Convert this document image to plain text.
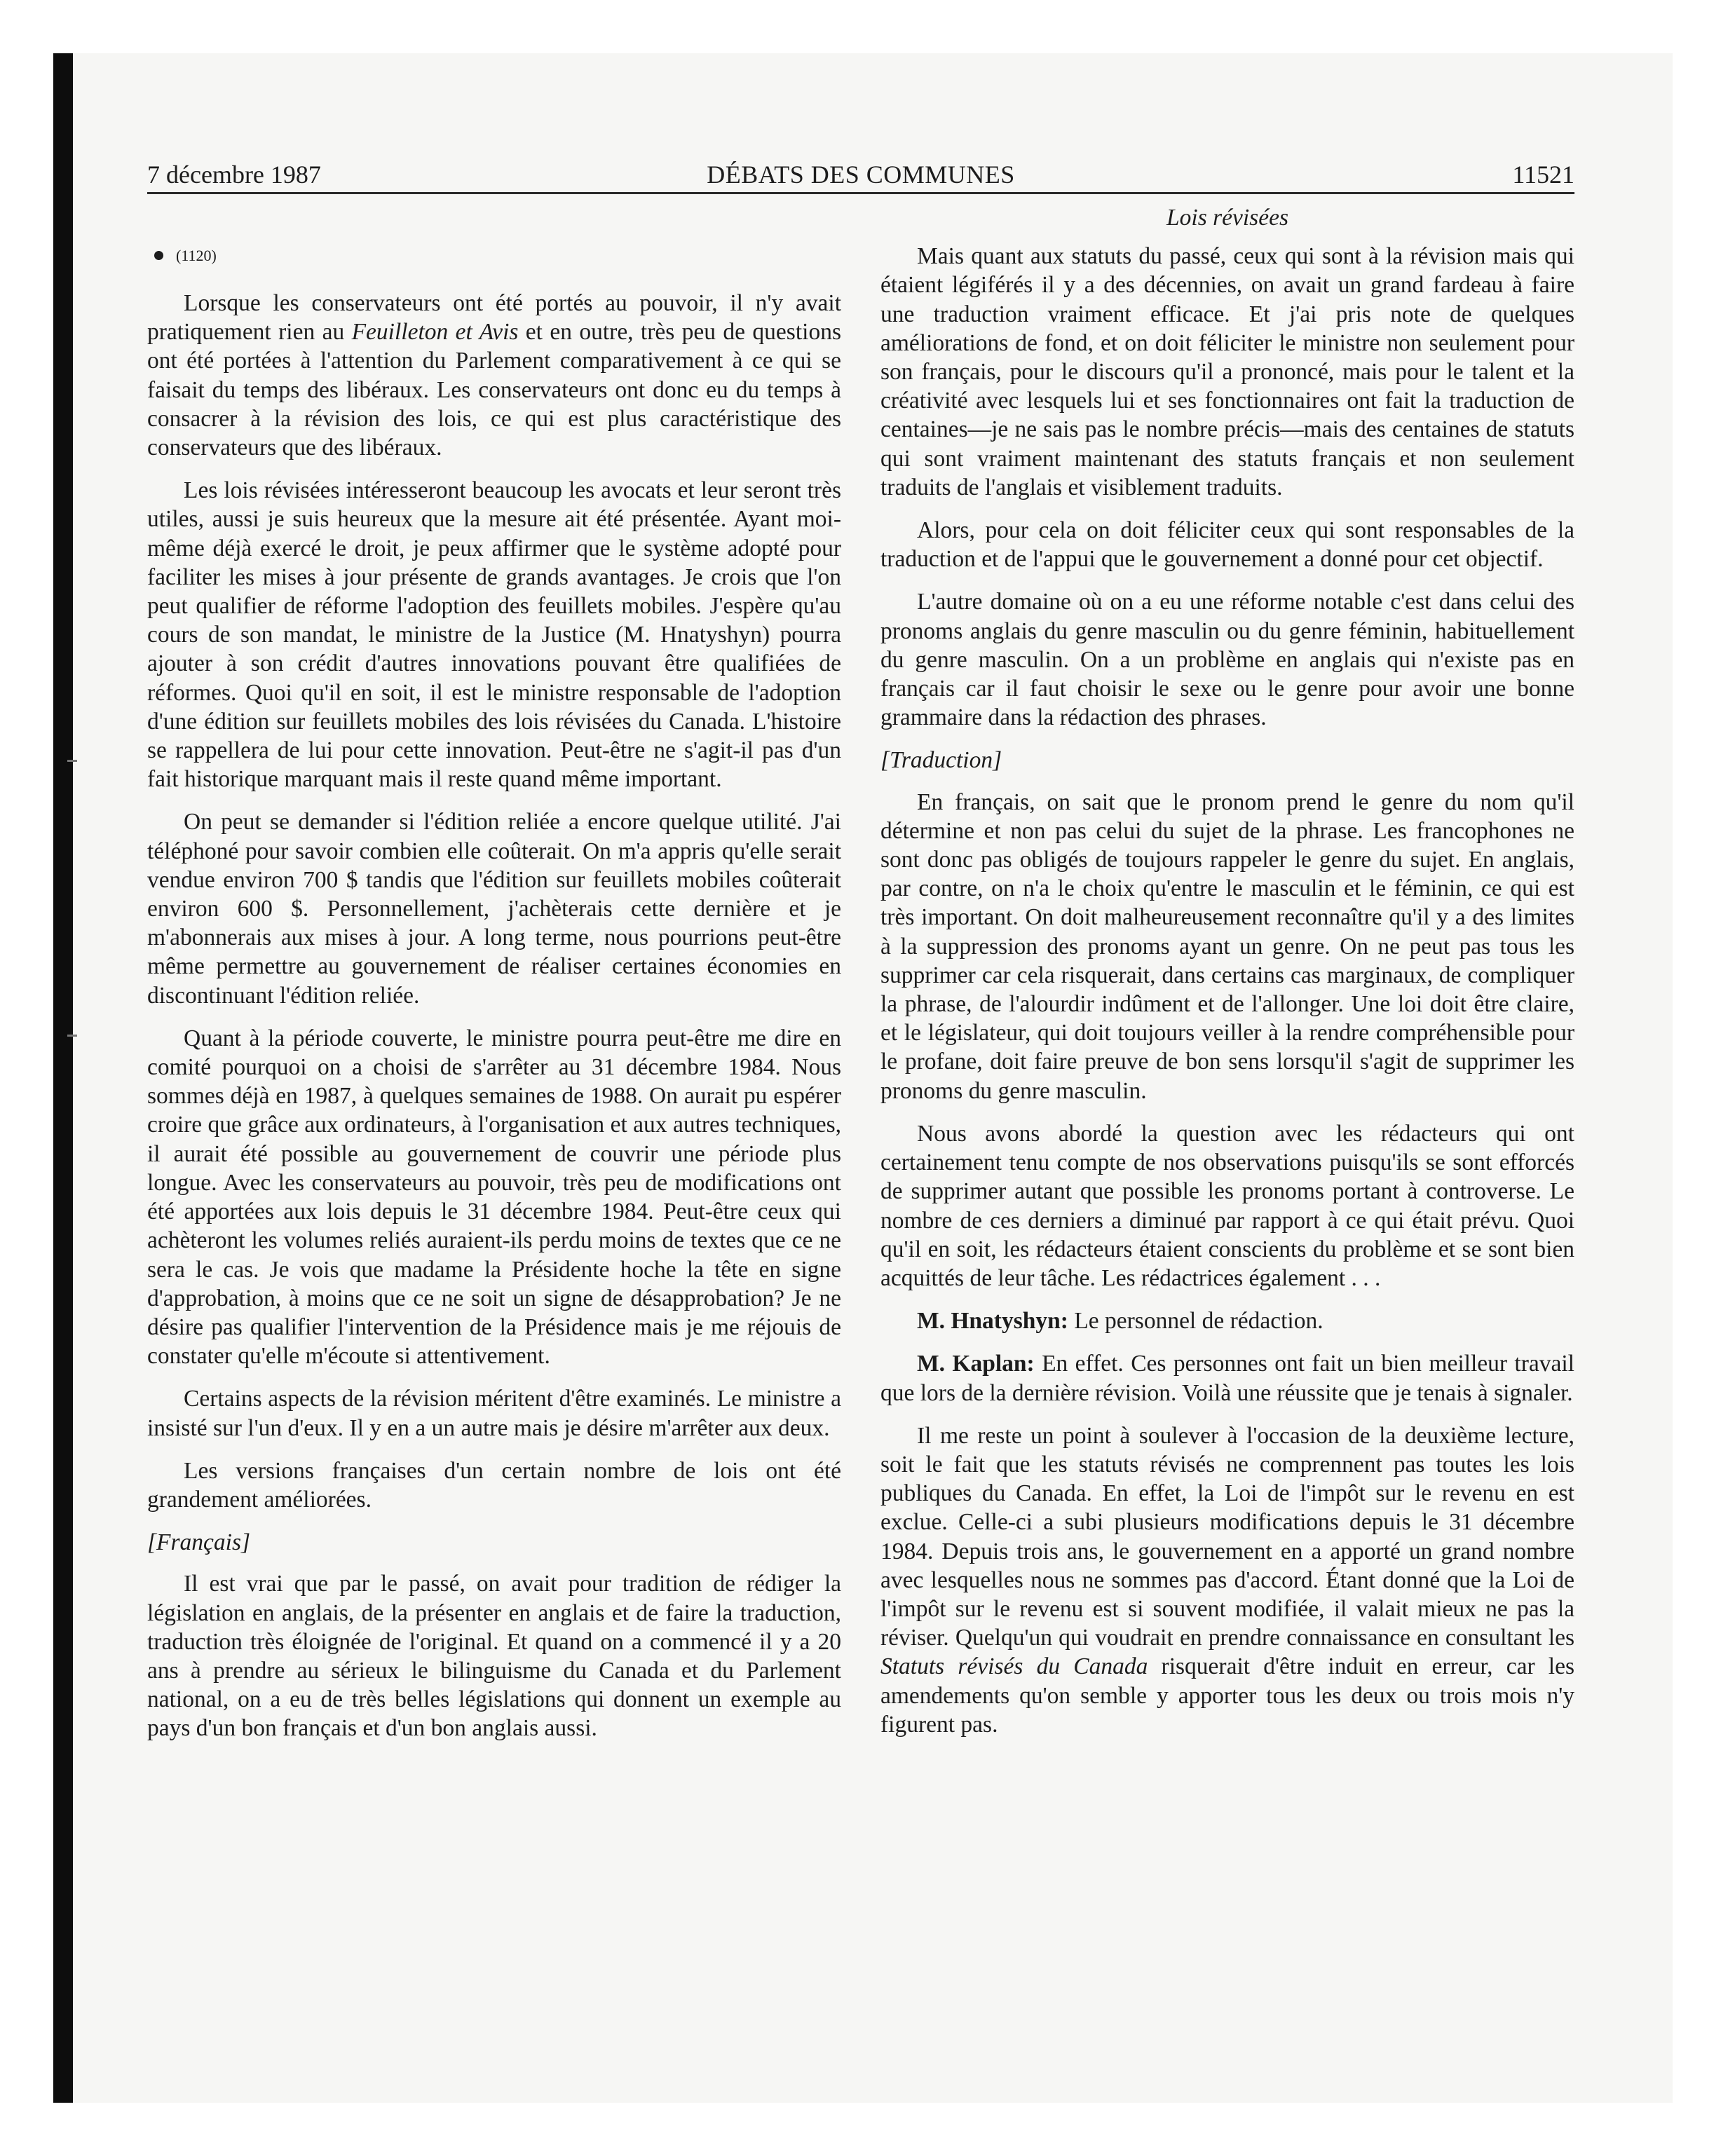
7 décembre 1987	DÉBATS DES COMMUNES	11521
(1120)

Lorsque les conservateurs ont été portés au pouvoir, il n'y avait pratiquement rien au Feuilleton et Avis et en outre, très peu de questions ont été portées à l'attention du Parlement comparativement à ce qui se faisait du temps des libéraux. Les conservateurs ont donc eu du temps à consacrer à la révision des lois, ce qui est plus caractéristique des conservateurs que des libéraux.

Les lois révisées intéresseront beaucoup les avocats et leur seront très utiles, aussi je suis heureux que la mesure ait été présentée. Ayant moi-même déjà exercé le droit, je peux affirmer que le système adopté pour faciliter les mises à jour présente de grands avantages. Je crois que l'on peut qualifier de réforme l'adoption des feuillets mobiles. J'espère qu'au cours de son mandat, le ministre de la Justice (M. Hnatyshyn) pourra ajouter à son crédit d'autres innovations pouvant être qualifiées de réformes. Quoi qu'il en soit, il est le ministre responsable de l'adoption d'une édition sur feuillets mobiles des lois révisées du Canada. L'histoire se rappellera de lui pour cette innovation. Peut-être ne s'agit-il pas d'un fait historique marquant mais il reste quand même important.

On peut se demander si l'édition reliée a encore quelque utilité. J'ai téléphoné pour savoir combien elle coûterait. On m'a appris qu'elle serait vendue environ 700 $ tandis que l'édition sur feuillets mobiles coûterait environ 600 $. Personnellement, j'achèterais cette dernière et je m'abonnerais aux mises à jour. A long terme, nous pourrions peut-être même permettre au gouvernement de réaliser certaines économies en discontinuant l'édition reliée.

Quant à la période couverte, le ministre pourra peut-être me dire en comité pourquoi on a choisi de s'arrêter au 31 décembre 1984. Nous sommes déjà en 1987, à quelques semaines de 1988. On aurait pu espérer croire que grâce aux ordinateurs, à l'organisation et aux autres techniques, il aurait été possible au gouvernement de couvrir une période plus longue. Avec les conservateurs au pouvoir, très peu de modifications ont été apportées aux lois depuis le 31 décembre 1984. Peut-être ceux qui achèteront les volumes reliés auraient-ils perdu moins de textes que ce ne sera le cas. Je vois que madame la Présidente hoche la tête en signe d'approbation, à moins que ce ne soit un signe de désapprobation? Je ne désire pas qualifier l'intervention de la Présidence mais je me réjouis de constater qu'elle m'écoute si attentivement.

Certains aspects de la révision méritent d'être examinés. Le ministre a insisté sur l'un d'eux. Il y en a un autre mais je désire m'arrêter aux deux.

Les versions françaises d'un certain nombre de lois ont été grandement améliorées.

[Français]

Il est vrai que par le passé, on avait pour tradition de rédiger la législation en anglais, de la présenter en anglais et de faire la traduction, traduction très éloignée de l'original. Et quand on a commencé il y a 20 ans à prendre au sérieux le bilinguisme du Canada et du Parlement national, on a eu de très belles législations qui donnent un exemple au pays d'un bon français et d'un bon anglais aussi.

Lois révisées

Mais quant aux statuts du passé, ceux qui sont à la révision mais qui étaient légiférés il y a des décennies, on avait un grand fardeau à faire une traduction vraiment efficace. Et j'ai pris note de quelques améliorations de fond, et on doit féliciter le ministre non seulement pour son français, pour le discours qu'il a prononcé, mais pour le talent et la créativité avec lesquels lui et ses fonctionnaires ont fait la traduction de centaines—je ne sais pas le nombre précis—mais des centaines de statuts qui sont vraiment maintenant des statuts français et non seulement traduits de l'anglais et visiblement traduits.

Alors, pour cela on doit féliciter ceux qui sont responsables de la traduction et de l'appui que le gouvernement a donné pour cet objectif.

L'autre domaine où on a eu une réforme notable c'est dans celui des pronoms anglais du genre masculin ou du genre féminin, habituellement du genre masculin. On a un problème en anglais qui n'existe pas en français car il faut choisir le sexe ou le genre pour avoir une bonne grammaire dans la rédaction des phrases.

[Traduction]

En français, on sait que le pronom prend le genre du nom qu'il détermine et non pas celui du sujet de la phrase. Les francophones ne sont donc pas obligés de toujours rappeler le genre du sujet. En anglais, par contre, on n'a le choix qu'entre le masculin et le féminin, ce qui est très important. On doit malheureusement reconnaître qu'il y a des limites à la suppression des pronoms ayant un genre. On ne peut pas tous les supprimer car cela risquerait, dans certains cas marginaux, de compliquer la phrase, de l'alourdir indûment et de l'allonger. Une loi doit être claire, et le législateur, qui doit toujours veiller à la rendre compréhensible pour le profane, doit faire preuve de bon sens lorsqu'il s'agit de supprimer les pronoms du genre masculin.

Nous avons abordé la question avec les rédacteurs qui ont certainement tenu compte de nos observations puisqu'ils se sont efforcés de supprimer autant que possible les pronoms portant à controverse. Le nombre de ces derniers a diminué par rapport à ce qui était prévu. Quoi qu'il en soit, les rédacteurs étaient conscients du problème et se sont bien acquittés de leur tâche. Les rédactrices également . . .

M. Hnatyshyn: Le personnel de rédaction.

M. Kaplan: En effet. Ces personnes ont fait un bien meilleur travail que lors de la dernière révision. Voilà une réussite que je tenais à signaler.

Il me reste un point à soulever à l'occasion de la deuxième lecture, soit le fait que les statuts révisés ne comprennent pas toutes les lois publiques du Canada. En effet, la Loi de l'impôt sur le revenu en est exclue. Celle-ci a subi plusieurs modifications depuis le 31 décembre 1984. Depuis trois ans, le gouvernement en a apporté un grand nombre avec lesquelles nous ne sommes pas d'accord. Étant donné que la Loi de l'impôt sur le revenu est si souvent modifiée, il valait mieux ne pas la réviser. Quelqu'un qui voudrait en prendre connaissance en consultant les Statuts révisés du Canada risquerait d'être induit en erreur, car les amendements qu'on semble y apporter tous les deux ou trois mois n'y figurent pas.
